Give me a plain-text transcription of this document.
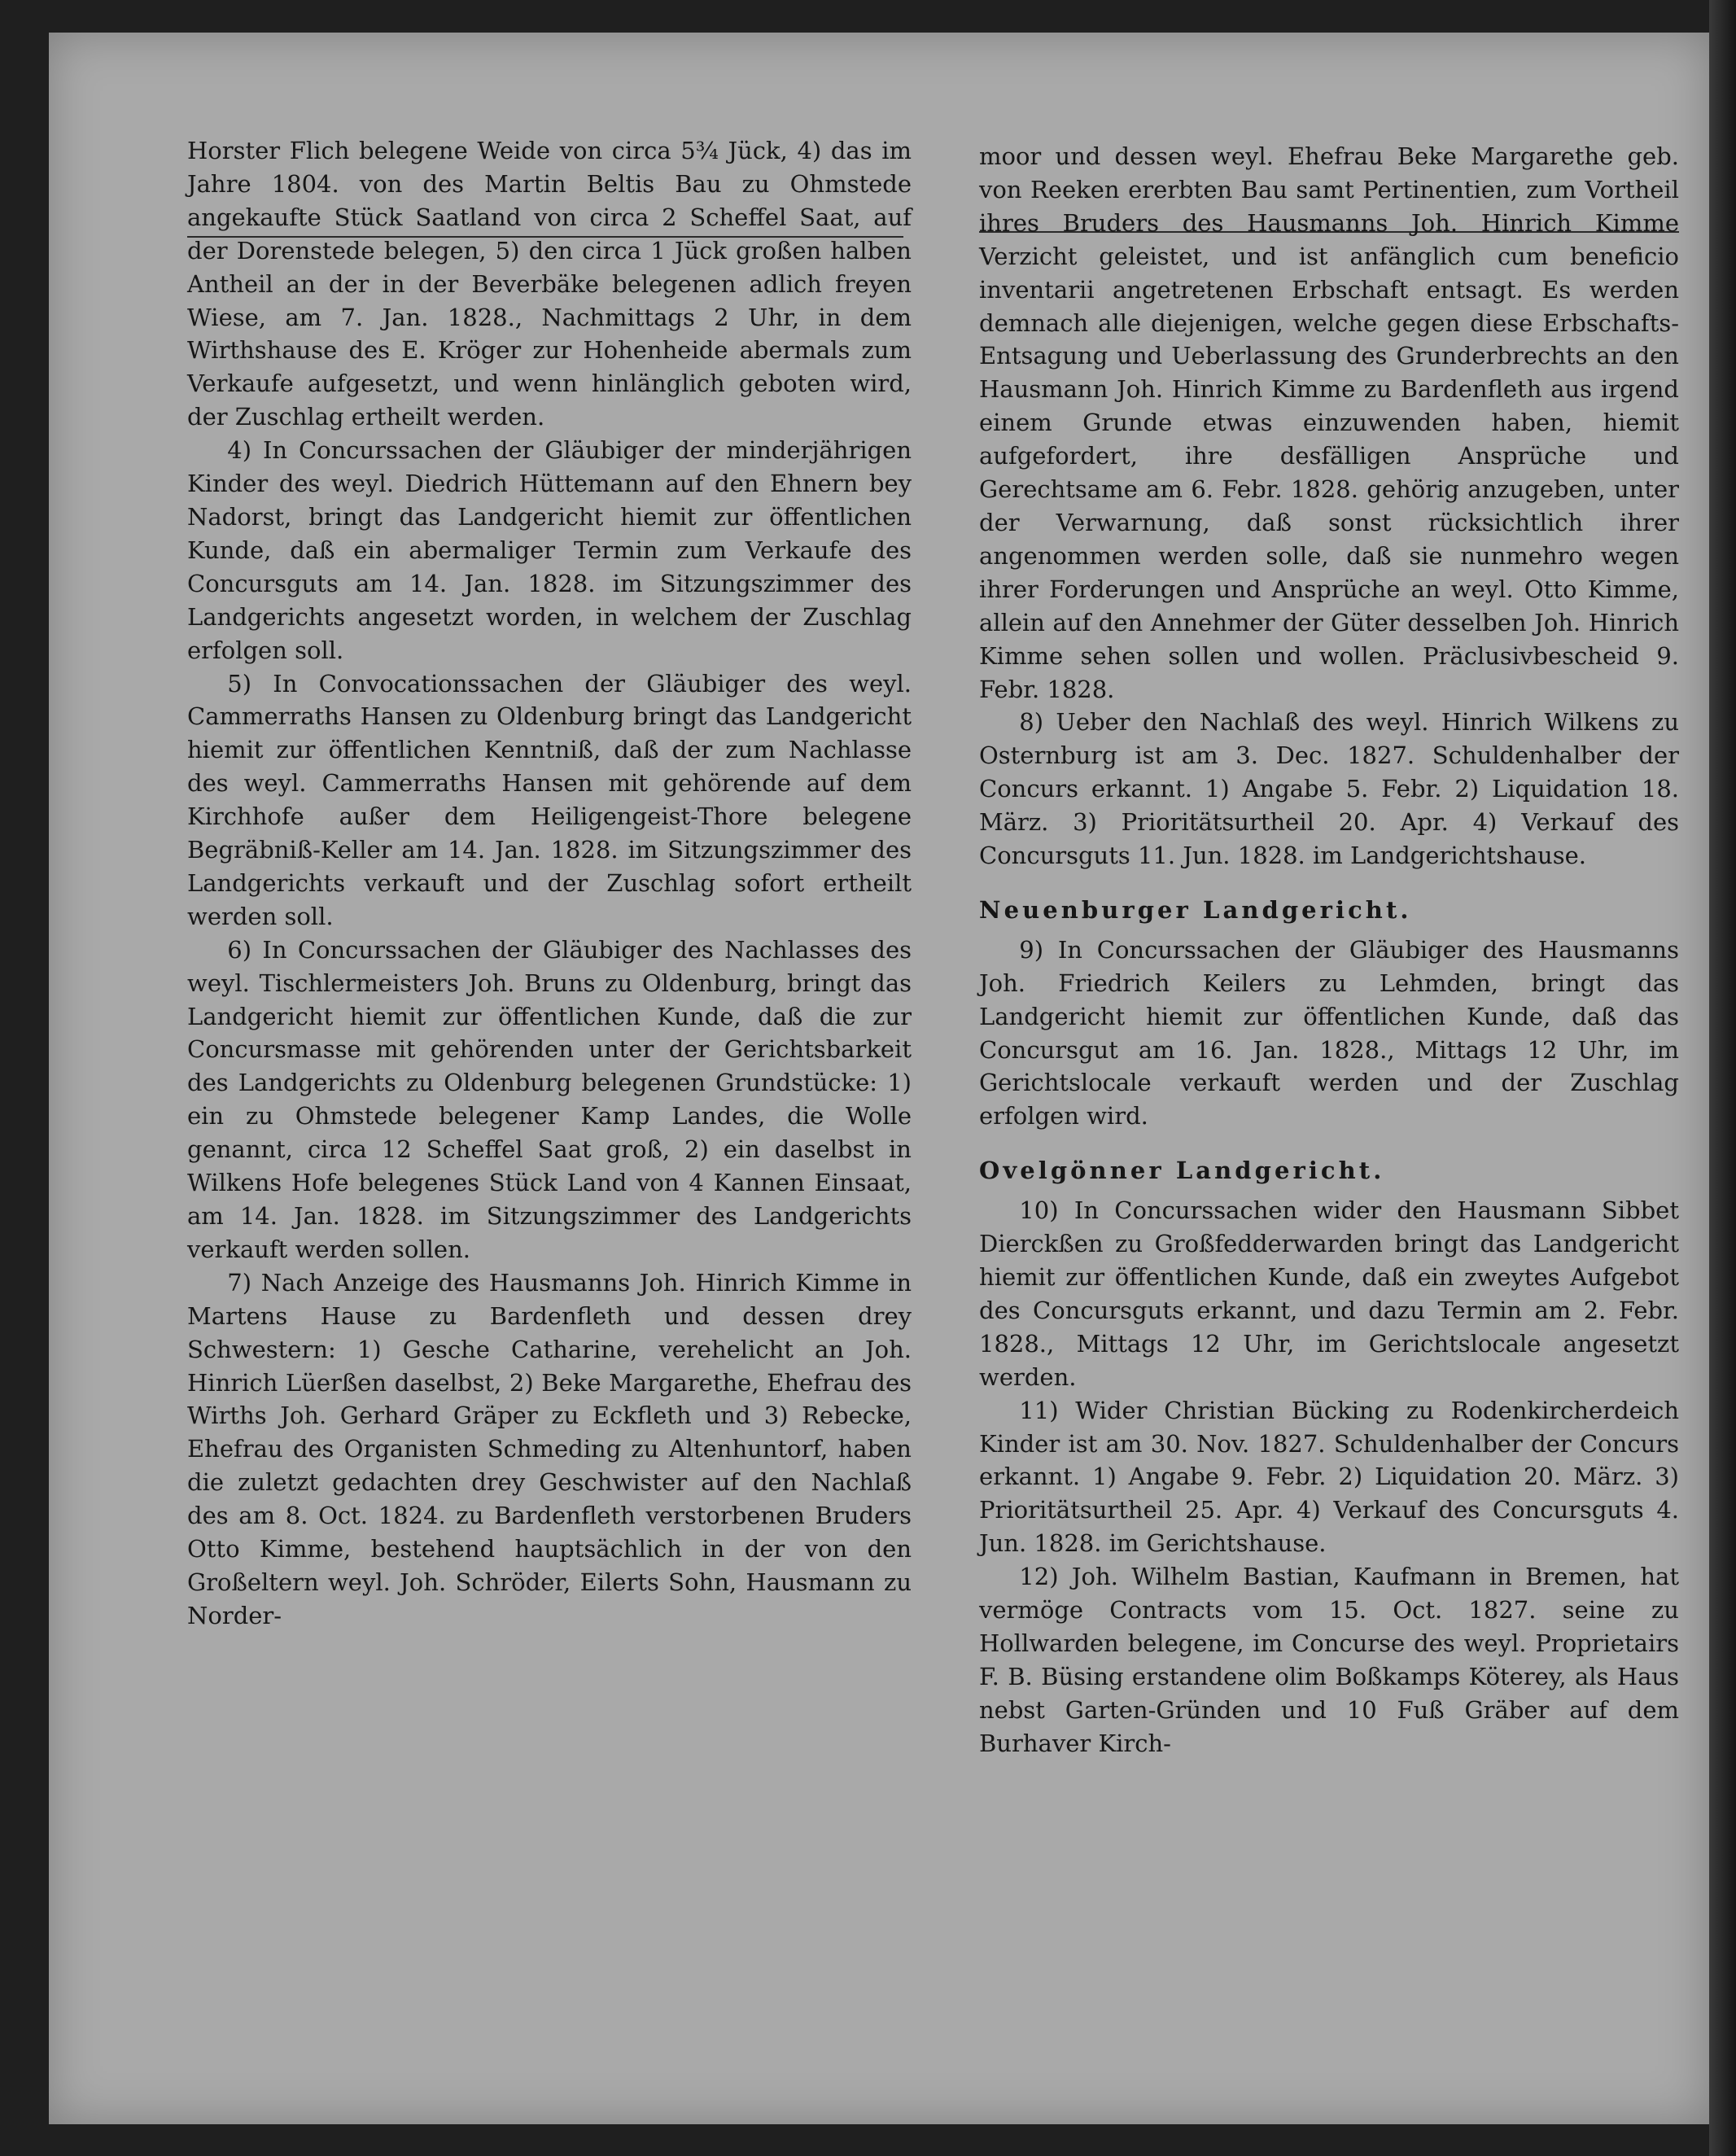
Horster Flich belegene Weide von circa 5¾ Jück, 4) das im Jahre 1804. von des Martin Beltis Bau zu Ohmstede angekaufte Stück Saatland von circa 2 Scheffel Saat, auf der Dorenstede belegen, 5) den circa 1 Jück großen halben Antheil an der in der Beverbäke belegenen adlich freyen Wiese, am 7. Jan. 1828., Nachmittags 2 Uhr, in dem Wirthshause des E. Kröger zur Hohenheide abermals zum Verkaufe aufgesetzt, und wenn hinlänglich geboten wird, der Zuschlag ertheilt werden.

4) In Concurssachen der Gläubiger der minderjährigen Kinder des weyl. Diedrich Hüttemann auf den Ehnern bey Nadorst, bringt das Landgericht hiemit zur öffentlichen Kunde, daß ein abermaliger Termin zum Verkaufe des Concursguts am 14. Jan. 1828. im Sitzungszimmer des Landgerichts angesetzt worden, in welchem der Zuschlag erfolgen soll.

5) In Convocationssachen der Gläubiger des weyl. Cammerraths Hansen zu Oldenburg bringt das Landgericht hiemit zur öffentlichen Kenntniß, daß der zum Nachlasse des weyl. Cammerraths Hansen mit gehörende auf dem Kirchhofe außer dem Heiligengeist-Thore belegene Begräbniß-Keller am 14. Jan. 1828. im Sitzungszimmer des Landgerichts verkauft und der Zuschlag sofort ertheilt werden soll.

6) In Concurssachen der Gläubiger des Nachlasses des weyl. Tischlermeisters Joh. Bruns zu Oldenburg, bringt das Landgericht hiemit zur öffentlichen Kunde, daß die zur Concursmasse mit gehörenden unter der Gerichtsbarkeit des Landgerichts zu Oldenburg belegenen Grundstücke: 1) ein zu Ohmstede belegener Kamp Landes, die Wolle genannt, circa 12 Scheffel Saat groß, 2) ein daselbst in Wilkens Hofe belegenes Stück Land von 4 Kannen Einsaat, am 14. Jan. 1828. im Sitzungszimmer des Landgerichts verkauft werden sollen.

7) Nach Anzeige des Hausmanns Joh. Hinrich Kimme in Martens Hause zu Bardenfleth und dessen drey Schwestern: 1) Gesche Catharine, verehelicht an Joh. Hinrich Lüerßen daselbst, 2) Beke Margarethe, Ehefrau des Wirths Joh. Gerhard Gräper zu Eckfleth und 3) Rebecke, Ehefrau des Organisten Schmeding zu Altenhuntorf, haben die zuletzt gedachten drey Geschwister auf den Nachlaß des am 8. Oct. 1824. zu Bardenfleth verstorbenen Bruders Otto Kimme, bestehend hauptsächlich in der von den Großeltern weyl. Joh. Schröder, Eilerts Sohn, Hausmann zu Norder-

moor und dessen weyl. Ehefrau Beke Margarethe geb. von Reeken ererbten Bau samt Pertinentien, zum Vortheil ihres Bruders des Hausmanns Joh. Hinrich Kimme Verzicht geleistet, und ist anfänglich cum beneficio inventarii angetretenen Erbschaft entsagt. Es werden demnach alle diejenigen, welche gegen diese Erbschafts-Entsagung und Ueberlassung des Grunderbrechts an den Hausmann Joh. Hinrich Kimme zu Bardenfleth aus irgend einem Grunde etwas einzuwenden haben, hiemit aufgefordert, ihre desfälligen Ansprüche und Gerechtsame am 6. Febr. 1828. gehörig anzugeben, unter der Verwarnung, daß sonst rücksichtlich ihrer angenommen werden solle, daß sie nunmehro wegen ihrer Forderungen und Ansprüche an weyl. Otto Kimme, allein auf den Annehmer der Güter desselben Joh. Hinrich Kimme sehen sollen und wollen. Präclusivbescheid 9. Febr. 1828.

8) Ueber den Nachlaß des weyl. Hinrich Wilkens zu Osternburg ist am 3. Dec. 1827. Schuldenhalber der Concurs erkannt. 1) Angabe 5. Febr. 2) Liquidation 18. März. 3) Prioritätsurtheil 20. Apr. 4) Verkauf des Concursguts 11. Jun. 1828. im Landgerichtshause.

Neuenburger Landgericht.

9) In Concurssachen der Gläubiger des Hausmanns Joh. Friedrich Keilers zu Lehmden, bringt das Landgericht hiemit zur öffentlichen Kunde, daß das Concursgut am 16. Jan. 1828., Mittags 12 Uhr, im Gerichtslocale verkauft werden und der Zuschlag erfolgen wird.

Ovelgönner Landgericht.

10) In Concurssachen wider den Hausmann Sibbet Dierckßen zu Großfedderwarden bringt das Landgericht hiemit zur öffentlichen Kunde, daß ein zweytes Aufgebot des Concursguts erkannt, und dazu Termin am 2. Febr. 1828., Mittags 12 Uhr, im Gerichtslocale angesetzt werden.

11) Wider Christian Bücking zu Rodenkircherdeich Kinder ist am 30. Nov. 1827. Schuldenhalber der Concurs erkannt. 1) Angabe 9. Febr. 2) Liquidation 20. März. 3) Prioritätsurtheil 25. Apr. 4) Verkauf des Concursguts 4. Jun. 1828. im Gerichtshause.

12) Joh. Wilhelm Bastian, Kaufmann in Bremen, hat vermöge Contracts vom 15. Oct. 1827. seine zu Hollwarden belegene, im Concurse des weyl. Proprietairs F. B. Büsing erstandene olim Boßkamps Köterey, als Haus nebst Garten-Gründen und 10 Fuß Gräber auf dem Burhaver Kirch-
